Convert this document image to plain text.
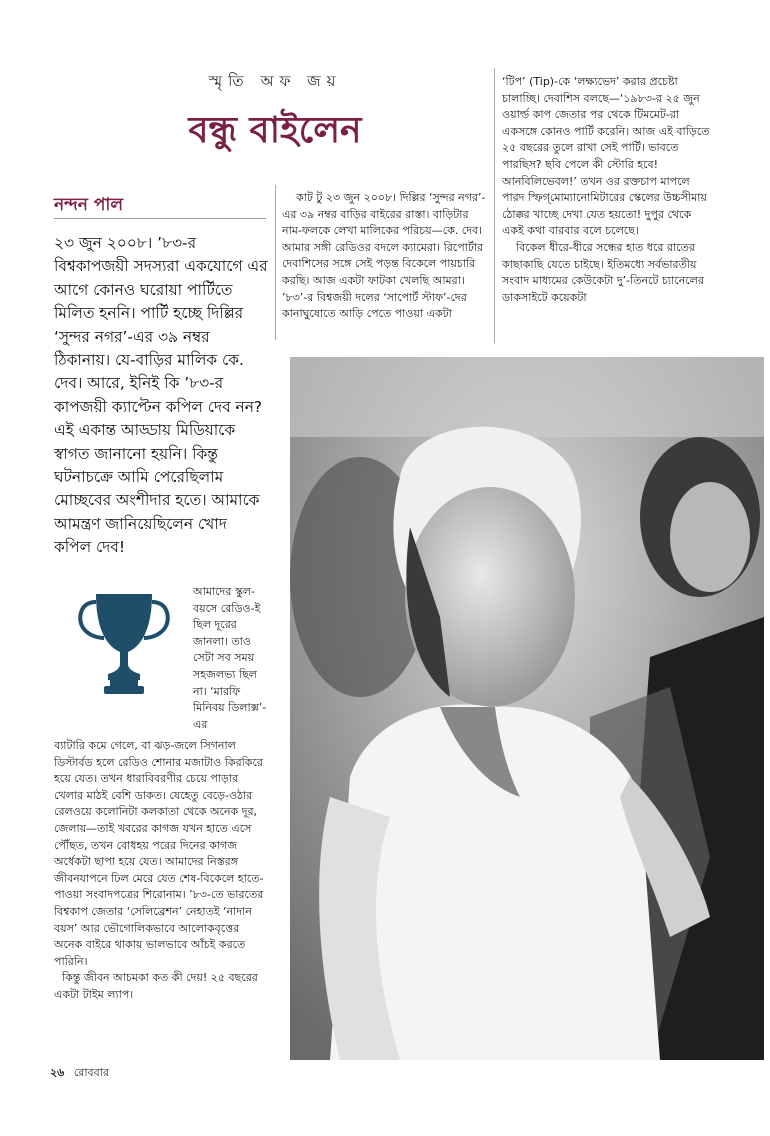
স্মৃতি অফ জয়
বন্ধু বাইলেন
নন্দন পাল

২৩ জুন ২০০৮। ’৮৩-র বিশ্বকাপজয়ী সদস্যরা একযোগে এর আগে কোনও ঘরোয়া পার্টিতে মিলিত হননি। পার্টি হচ্ছে দিল্লির ‘সুন্দর নগর’-এর ৩৯ নম্বর ঠিকানায়। যে-বাড়ির মালিক কে. দেব। আরে, ইনিই কি ’৮৩-র কাপজয়ী ক্যাপ্টেন কপিল দেব নন? এই একান্ত আড্ডায় মিডিয়াকে স্বাগত জানানো হয়নি। কিন্তু ঘটনাচক্রে আমি পেরেছিলাম মোচ্ছবের অংশীদার হতে। আমাকে আমন্ত্রণ জানিয়েছিলেন খোদ কপিল দেব!

কাট টু ২৩ জুন ২০০৮। দিল্লির ‘সুন্দর নগর’-এর ৩৯ নম্বর বাড়ির বাইরের রাস্তা। বাড়িটার নাম-ফলকে লেখা মালিকের পরিচয়—কে. দেব। আমার সঙ্গী রেডিওর বদলে ক্যামেরা। রিপোর্টার দেবাশিসের সঙ্গে সেই পড়ন্ত বিকেলে পায়চারি করছি। আজ একটা ফাটকা খেলছি আমরা। ’৮৩’-র বিশ্বজয়ী দলের ‘সাপোর্ট স্টাফ’-দের কানাঘুষোতে আড়ি পেতে পাওয়া একটা

‘টিপ’ (Tip)-কে ‘লক্ষ্যভেদ’ করার প্রচেষ্টা চালাচ্ছি। দেবাশিস বলছে—‘১৯৮৩-র ২৫ জুন ওয়ার্ল্ড কাপ জেতার পর থেকে টিমমেট-রা একসঙ্গে কোনও পার্টি করেনি। আজ এই বাড়িতে ২৫ বছরের তুলে রাখা সেই পার্টি। ভাবতে পারছিস? ছবি পেলে কী স্টোরি হবে! আনবিলিভেবল!’ তখন ওর রক্তচাপ মাপলে পারদ স্ফিগ্‌মোম্যানোমিটারের স্কেলের উচ্চসীমায় ঠোক্কর খাচ্ছে দেখা যেত হয়তো! দুপুর থেকে একই কথা বারবার বলে চলেছে।

বিকেল ধীরে-ধীরে সন্ধের হাত ধরে রাতের কাছাকাছি যেতে চাইছে। ইতিমধ্যে সর্বভারতীয় সংবাদ মাধ্যমের কেউকেটা দু’-তিনটে চ্যানেলের ডাকসাইটে কয়েকটা

আমাদের স্কুল-বয়সে রেডিও-ই ছিল দূরের জানলা। তাও সেটা সব সময় সহজলভ্য ছিল না। ‘মারফি মিনিবয় ডিলাক্স’-এর

ব্যাটারি কমে গেলে, বা ঝড়-জলে সিগনাল ডিস্টার্বড হলে রেডিও শোনার মজাটাও কিরকিরে হয়ে যেত। তখন ধারাবিবরণীর চেয়ে পাড়ার খেলার মাঠই বেশি ডাকত। যেহেতু বেড়ে-ওঠার রেলওয়ে কলোনিটা কলকাতা থেকে অনেক দূর, জেলায়—তাই খবরের কাগজ যখন হাতে এসে পৌঁছত, তখন বোধহয় পরের দিনের কাগজ অর্ধেকটা ছাপা হয়ে যেত। আমাদের নিস্তরঙ্গ জীবনযাপনে ঢিল মেরে যেত শেষ-বিকেলে হাতে-পাওয়া সংবাদপত্রের শিরোনাম। ’৮৩-তে ভারতের বিশ্বকাপ জেতার ‘সেলিব্রেশন’ নেহাতই ‘নাদান বয়স’ আর ভৌগোলিকভাবে আলোকবৃত্তের অনেক বাইরে থাকায় ভালভাবে আঁচই করতে পারিনি।

কিন্তু জীবন আচমকা কত কী দেয়! ২৫ বছরের একটা টাইম ল্যাপ।

২৬ রোববার
